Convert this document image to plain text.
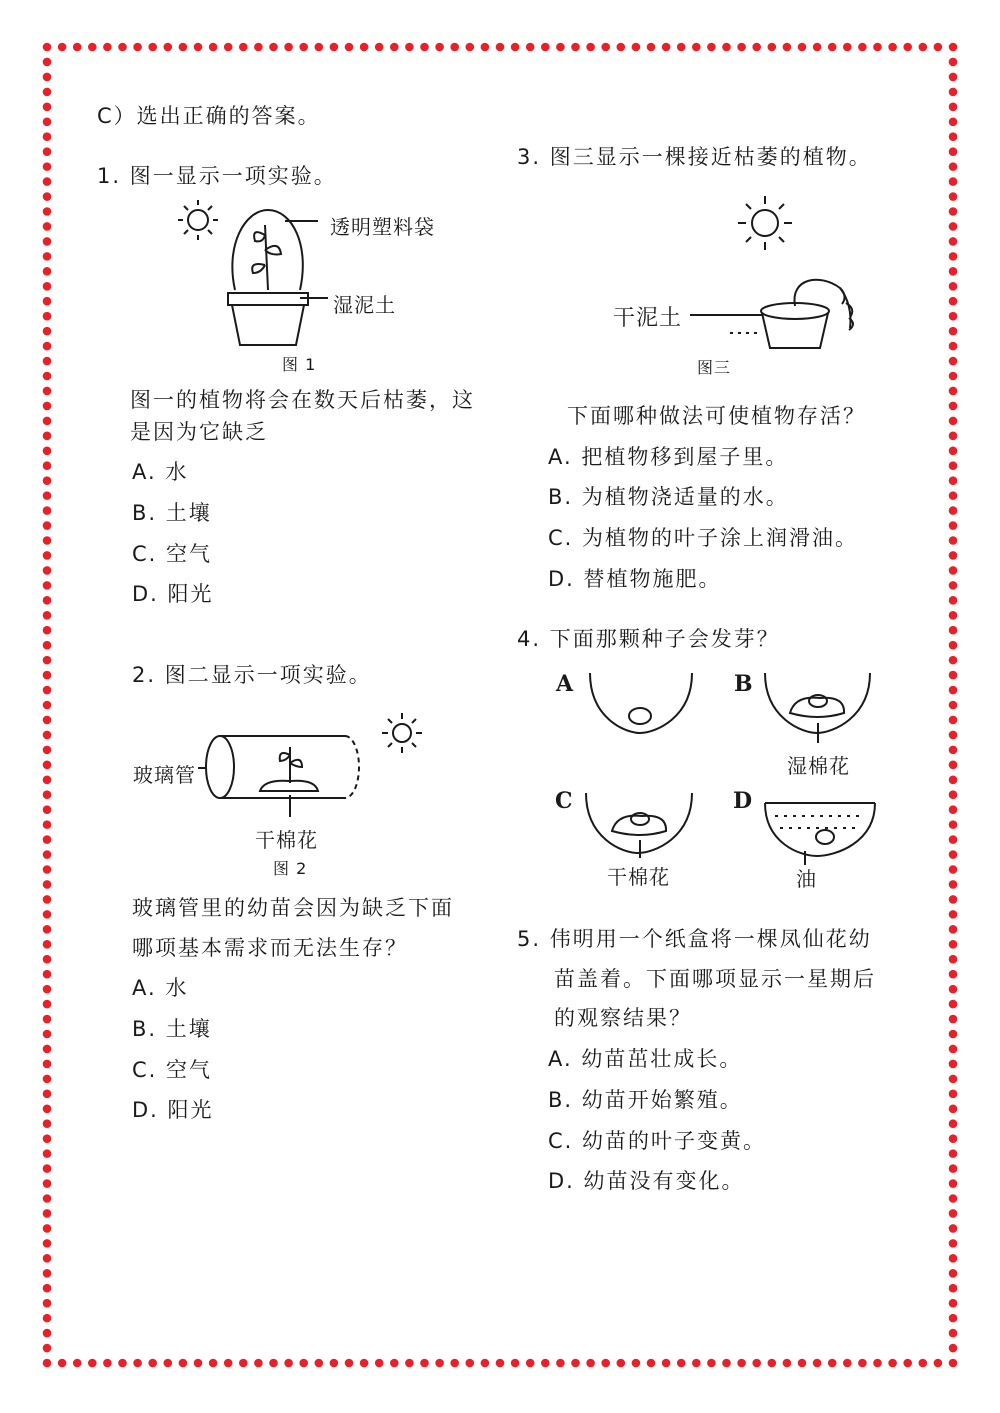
C）选出正确的答案。
1. 图一显示一项实验。
透明塑料袋
湿泥土
图 1
图一的植物将会在数天后枯萎，这
是因为它缺乏
A. 水
B. 土壤
C. 空气
D. 阳光
2. 图二显示一项实验。
玻璃管
干棉花
图 2
玻璃管里的幼苗会因为缺乏下面
哪项基本需求而无法生存？
A. 水
B. 土壤
C. 空气
D. 阳光
3. 图三显示一棵接近枯萎的植物。
干泥土
图三
下面哪种做法可使植物存活？
A. 把植物移到屋子里。
B. 为植物浇适量的水。
C. 为植物的叶子涂上润滑油。
D. 替植物施肥。
4. 下面那颗种子会发芽？
A	B
C	D
湿棉花
干棉花	油
5. 伟明用一个纸盒将一棵凤仙花幼
苗盖着。下面哪项显示一星期后
的观察结果？
A. 幼苗茁壮成长。
B. 幼苗开始繁殖。
C. 幼苗的叶子变黄。
D. 幼苗没有变化。
